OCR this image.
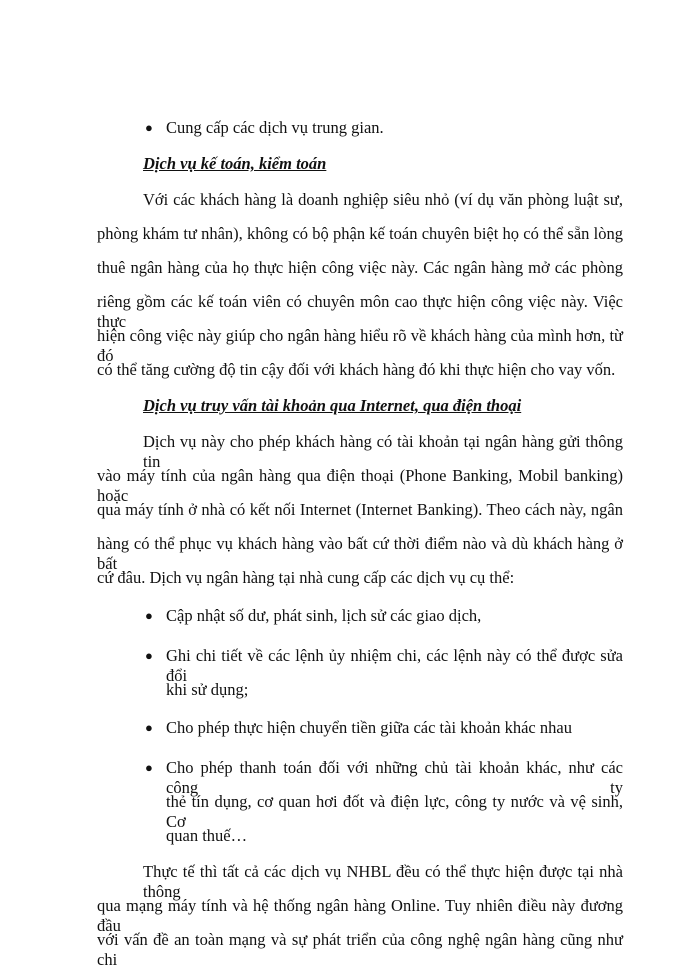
● Cung cấp các dịch vụ trung gian.
Dịch vụ kế toán, kiểm toán
Với các khách hàng là doanh nghiệp siêu nhỏ (ví dụ văn phòng luật sư,
phòng khám tư nhân), không có bộ phận kế toán chuyên biệt họ có thể sẵn lòng
thuê ngân hàng của họ thực hiện công việc này. Các ngân hàng mở các phòng
riêng gồm các kế toán viên có chuyên môn cao thực hiện công việc này. Việc thực
hiện công việc này giúp cho ngân hàng hiểu rõ về khách hàng của mình hơn, từ đó
có thể tăng cường độ tin cậy đối với khách hàng đó khi thực hiện cho vay vốn.
Dịch vụ truy vấn tài khoản qua Internet, qua điện thoại
Dịch vụ này cho phép khách hàng có tài khoản tại ngân hàng gửi thông tin
vào máy tính của ngân hàng qua điện thoại (Phone Banking, Mobil banking) hoặc
qua máy tính ở nhà có kết nối Internet (Internet Banking). Theo cách này, ngân
hàng có thể phục vụ khách hàng vào bất cứ thời điểm nào và dù khách hàng ở bất
cứ đâu. Dịch vụ ngân hàng tại nhà cung cấp các dịch vụ cụ thể:
● Cập nhật số dư, phát sinh, lịch sử các giao dịch,
● Ghi chi tiết về các lệnh ủy nhiệm chi, các lệnh này có thể được sửa đổi
khi sử dụng;
● Cho phép thực hiện chuyển tiền giữa các tài khoản khác nhau
● Cho phép thanh toán đối với những chủ tài khoản khác, như các công ty
thẻ tín dụng, cơ quan hơi đốt và điện lực, công ty nước và vệ sinh, Cơ
quan thuế…
Thực tế thì tất cả các dịch vụ NHBL đều có thể thực hiện được tại nhà thông
qua mạng máy tính và hệ thống ngân hàng Online. Tuy nhiên điều này đương đầu
với vấn đề an toàn mạng và sự phát triển của công nghệ ngân hàng cũng như chi
